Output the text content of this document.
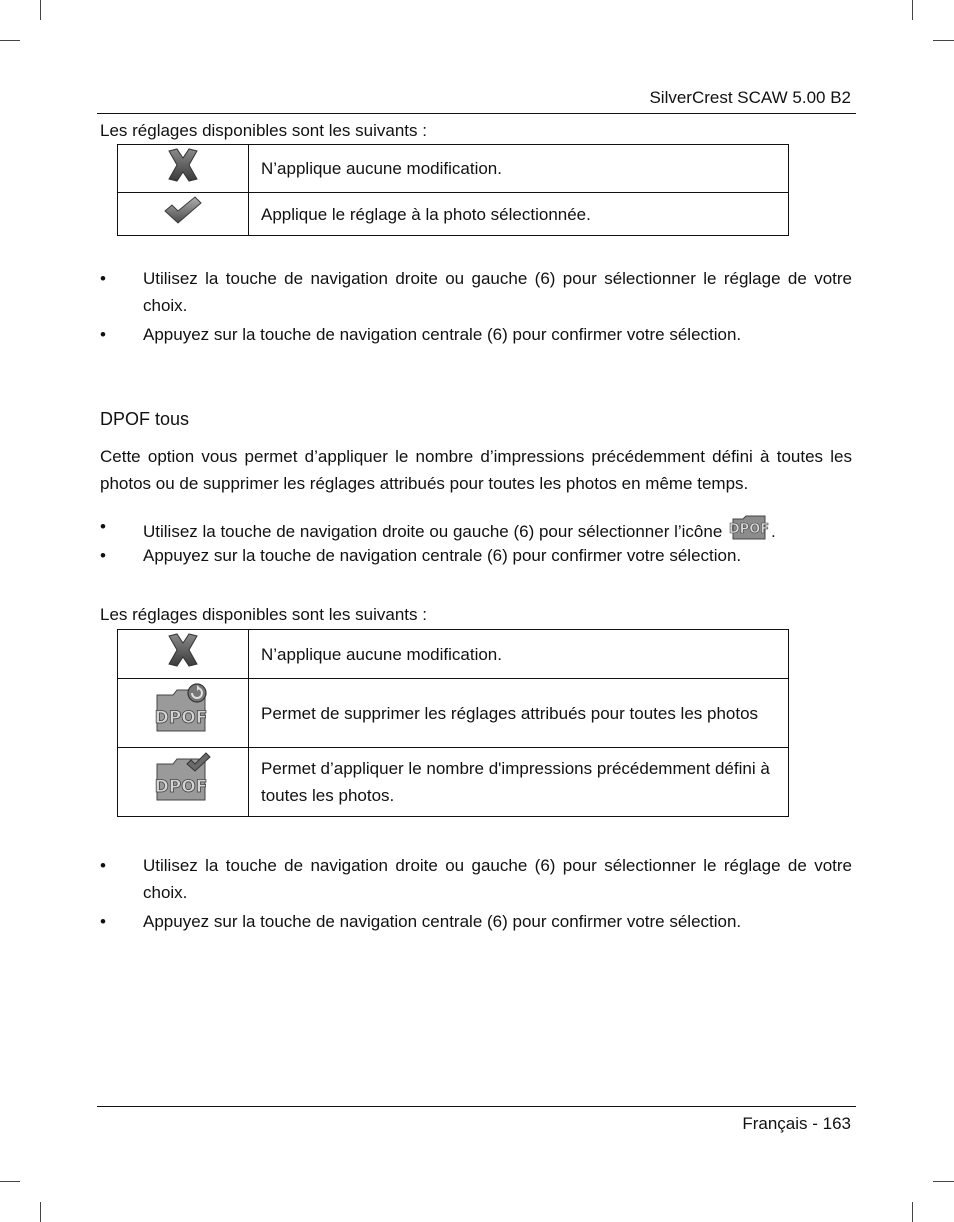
SilverCrest SCAW 5.00 B2
Les réglages disponibles sont les suivants :
	N’applique aucune modification.
	Applique le réglage à la photo sélectionnée.
•	Utilisez la touche de navigation droite ou gauche (6) pour sélectionner le réglage de votre choix.
•	Appuyez sur la touche de navigation centrale (6) pour confirmer votre sélection.
DPOF tous
Cette option vous permet d’appliquer le nombre d’impressions précédemment défini à toutes les photos ou de supprimer les réglages attribués pour toutes les photos en même temps.
•	Utilisez la touche de navigation droite ou gauche (6) pour sélectionner l’icône DPOF .
•	Appuyez sur la touche de navigation centrale (6) pour confirmer votre sélection.
Les réglages disponibles sont les suivants :
	N’applique aucune modification.

DPOF	Permet de supprimer les réglages attribués pour toutes les photos

DPOF	Permet d’appliquer le nombre d'impressions précédemment défini à toutes les photos.
•	Utilisez la touche de navigation droite ou gauche (6) pour sélectionner le réglage de votre choix.
•	Appuyez sur la touche de navigation centrale (6) pour confirmer votre sélection.
Français - 163
